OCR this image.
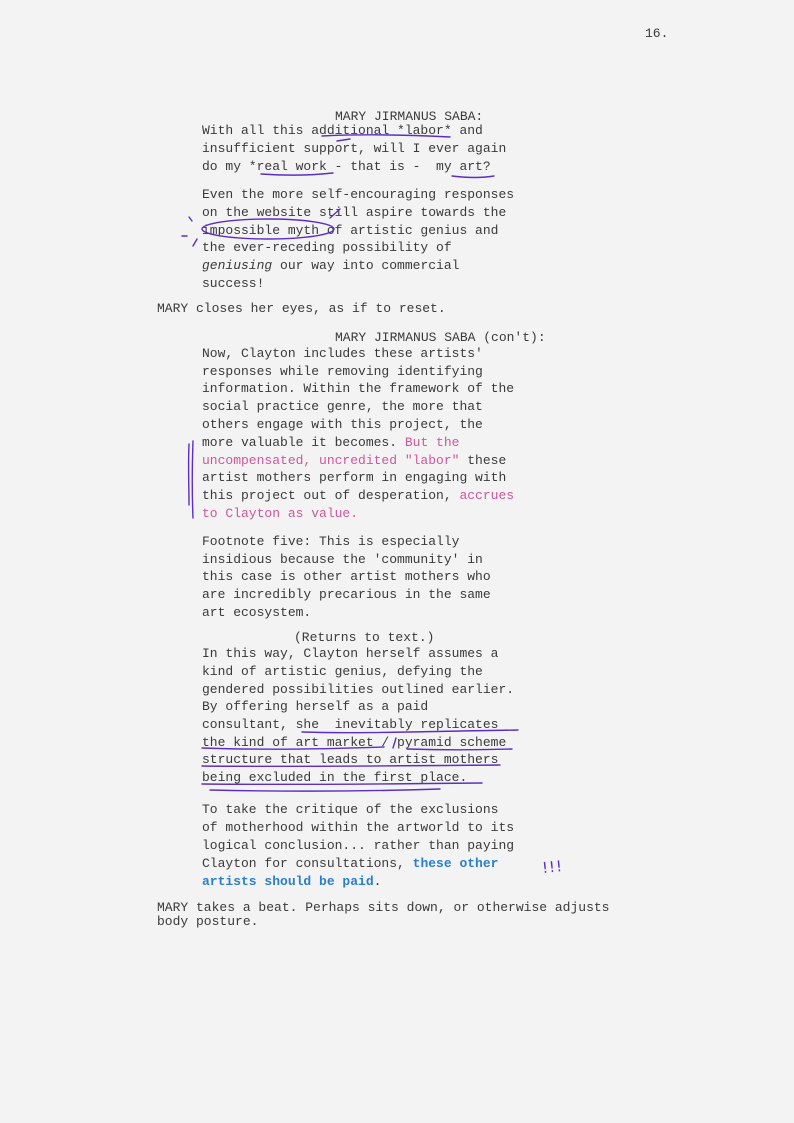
16.
MARY JIRMANUS SABA:
With all this additional *labor* and
insufficient support, will I ever again
do my *real work - that is -  my art?
Even the more self-encouraging responses
on the website still aspire towards the
impossible myth of artistic genius and
the ever-receding possibility of
geniusing our way into commercial
success!
MARY closes her eyes, as if to reset.
MARY JIRMANUS SABA (con't):
Now, Clayton includes these artists'
responses while removing identifying
information. Within the framework of the
social practice genre, the more that
others engage with this project, the
more valuable it becomes. But the
uncompensated, uncredited "labor" these
artist mothers perform in engaging with
this project out of desperation, accrues
to Clayton as value.
Footnote five: This is especially
insidious because the 'community' in
this case is other artist mothers who
are incredibly precarious in the same
art ecosystem.
(Returns to text.)
In this way, Clayton herself assumes a
kind of artistic genius, defying the
gendered possibilities outlined earlier.
By offering herself as a paid
consultant, she  inevitably replicates
the kind of art market / pyramid scheme
structure that leads to artist mothers
being excluded in the first place.
To take the critique of the exclusions
of motherhood within the artworld to its
logical conclusion... rather than paying
Clayton for consultations, these other
artists should be paid.
!!!
MARY takes a beat. Perhaps sits down, or otherwise adjusts
body posture.
